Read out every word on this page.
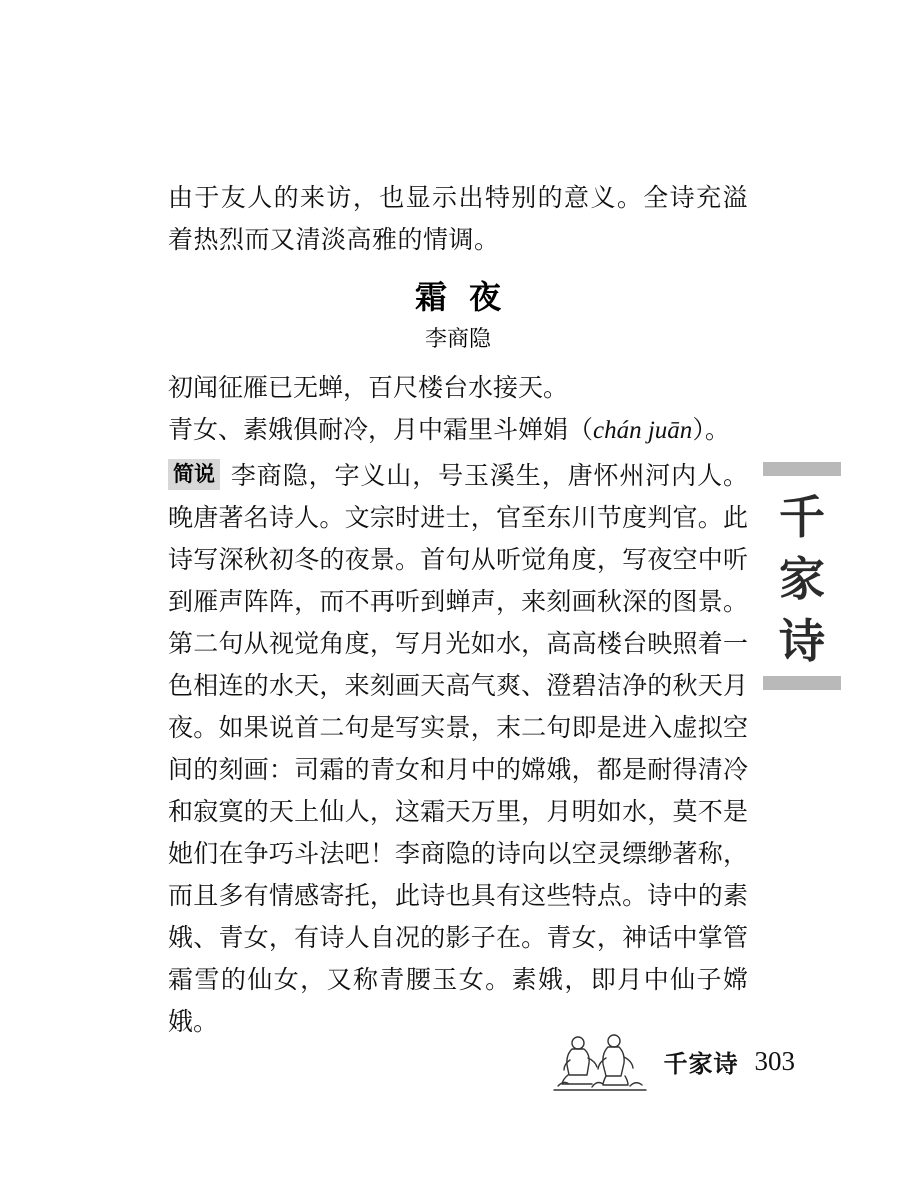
由于友人的来访，也显示出特别的意义。全诗充溢着热烈而又清淡高雅的情调。
霜夜
李商隐
初闻征雁已无蝉，百尺楼台水接天。
青女、素娥俱耐冷，月中霜里斗婵娟（chán juān）。
简说 李商隐，字义山，号玉溪生，唐怀州河内人。晚唐著名诗人。文宗时进士，官至东川节度判官。此诗写深秋初冬的夜景。首句从听觉角度，写夜空中听到雁声阵阵，而不再听到蝉声，来刻画秋深的图景。第二句从视觉角度，写月光如水，高高楼台映照着一色相连的水天，来刻画天高气爽、澄碧洁净的秋天月夜。如果说首二句是写实景，末二句即是进入虚拟空间的刻画：司霜的青女和月中的嫦娥，都是耐得清冷和寂寞的天上仙人，这霜天万里，月明如水，莫不是她们在争巧斗法吧！李商隐的诗向以空灵缥缈著称，而且多有情感寄托，此诗也具有这些特点。诗中的素娥、青女，有诗人自况的影子在。青女，神话中掌管霜雪的仙女，又称青腰玉女。素娥，即月中仙子嫦娥。
千
家
诗
千家诗 303
